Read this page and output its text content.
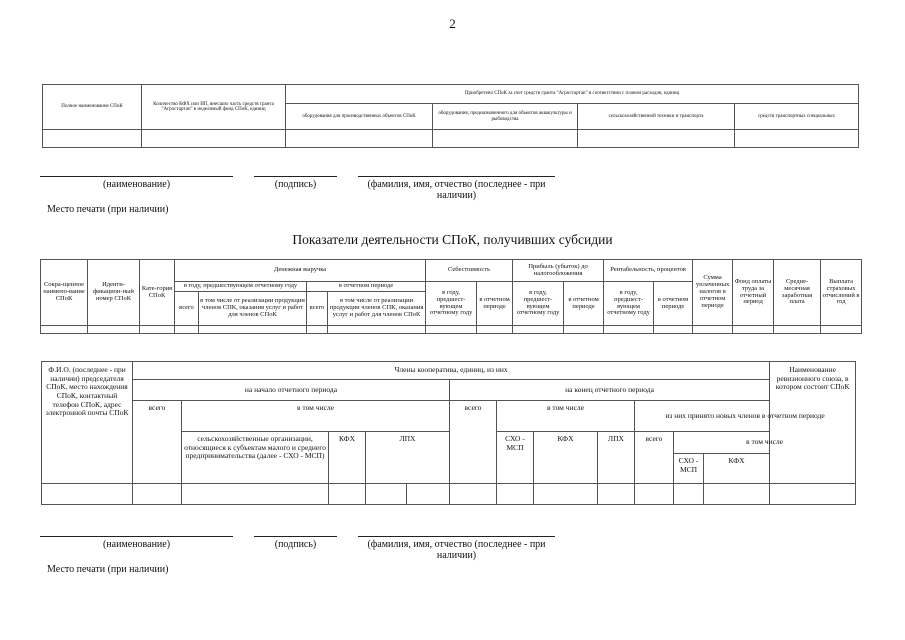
2
Полное наименование СПоК	Количество КФХ или ИП, внесших часть средств гранта "Агростартап" в неделимый фонд СПоК, единиц	Приобретено СПоК за счет средств гранта "Агростартап" в соответствии с планом расходов, единиц			
		оборудования для производственных объектов СПоК	оборудования, предназначенного для объектов аквакультуры и рыбоводства	сельскохозяйственной техники и транспорта	средств транспортных специальных

(наименование)	(подпись)	(фамилия, имя, отчество (последнее - при наличии)
Место печати (при наличии)
Показатели деятельности СПоК, получивших субсидии
Сокра-щенное наимено-вание СПоК	Иденти-фикацион-ный номер СПоК	Кате-гория СПоК	Денежная выручка				Себестоимость		Прибыль (убыток) до налогообложения		Рентабельность, процентов		Сумма уплаченных налогов в отчетном периоде	Фонд оплаты труда за отчетный период	Средне-месячная заработная плата	Выплата страховых отчислений в год
			в году, предшествующем отчетному году		в отчетном периоде		в году, предшест-вующем отчетному году	в отчетном периоде	в году, предшест-вующем отчетному году	в отчетном периоде	в году, предшест-вующем отчетному году	в отчетном периоде				
			всего	в том числе от реализации продукции членов СПК, оказания услуг и работ для членов СПоК	всего	в том числе от реализации продукции членов СПК, оказания услуг и работ для членов СПоК										

Ф.И.О. (последнее - при наличии) председателя СПоК, место нахождения СПоК, контактный телефон СПоК, адрес электронной почты СПоК	Члены кооператива, единиц, из них												Наименование ревизионного союза, в котором состоит СПоК	
	на начало отчетного периода					на конец отчетного периода								
	всего	в том числе				всего	в том числе			из них принято новых членов в отчетном периоде				
		сельскохозяйственные организации, относящиеся к субъектам малого и среднего предпринимательства (далее - СХО - МСП)	КФХ	ЛПХ			СХО - МСП	КФХ	ЛПХ	всего	в том числе			
											СХО - МСП	КФХ	

(наименование)	(подпись)	(фамилия, имя, отчество (последнее - при наличии)
Место печати (при наличии)
